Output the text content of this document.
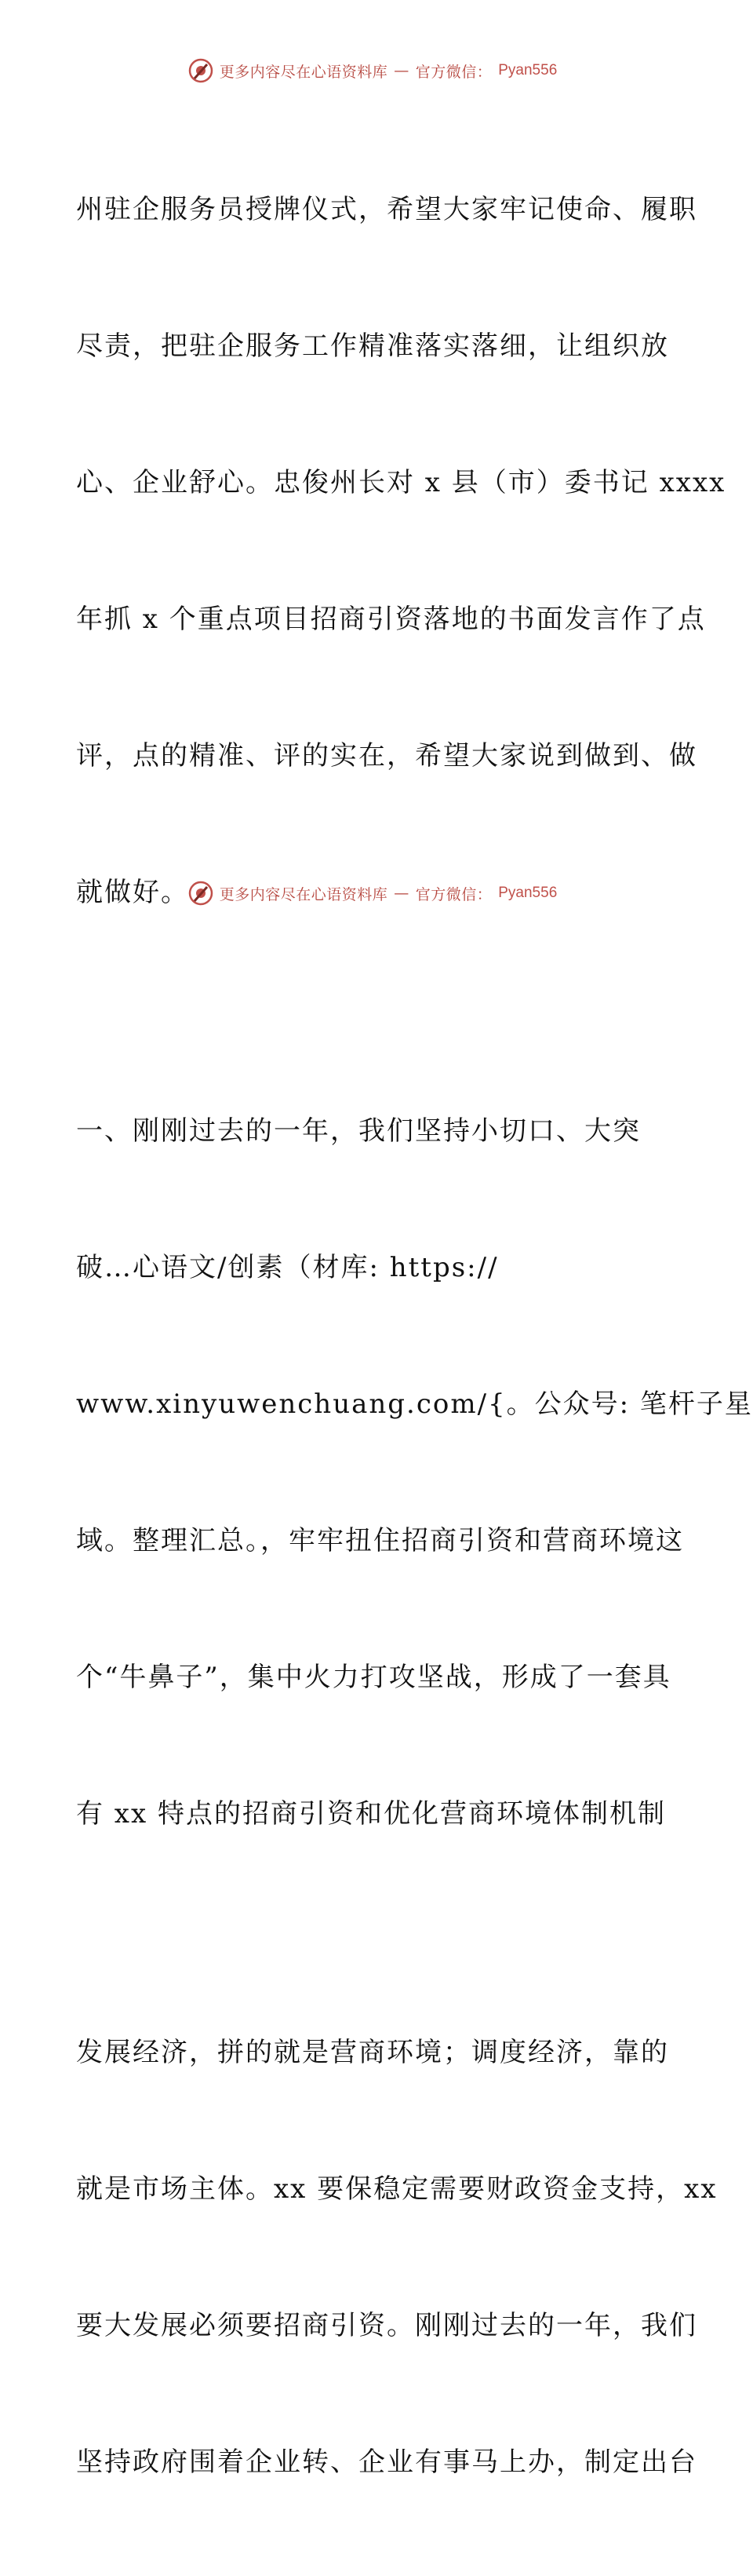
更多内容尽在心语资料库 — 官方微信： Pyan556

州驻企服务员授牌仪式，希望大家牢记使命、履职

尽责，把驻企服务工作精准落实落细，让组织放

心、企业舒心。忠俊州长对 x 县（市）委书记 xxxx

年抓 x 个重点项目招商引资落地的书面发言作了点

评，点的精准、评的实在，希望大家说到做到、做

就做好。

一、刚刚过去的一年，我们坚持小切口、大突

破…心语文/创素（材库: https://

www.xinyuwenchuang.com/{。公众号: 笔杆子星

域。整理汇总。，牢牢扭住招商引资和营商环境这

个“牛鼻子”，集中火力打攻坚战，形成了一套具

有 xx 特点的招商引资和优化营商环境体制机制

发展经济，拼的就是营商环境；调度经济，靠的

就是市场主体。xx 要保稳定需要财政资金支持，xx

要大发展必须要招商引资。刚刚过去的一年，我们

坚持政府围着企业转、企业有事马上办，制定出台

更多内容尽在心语资料库 — 官方微信： Pyan556
